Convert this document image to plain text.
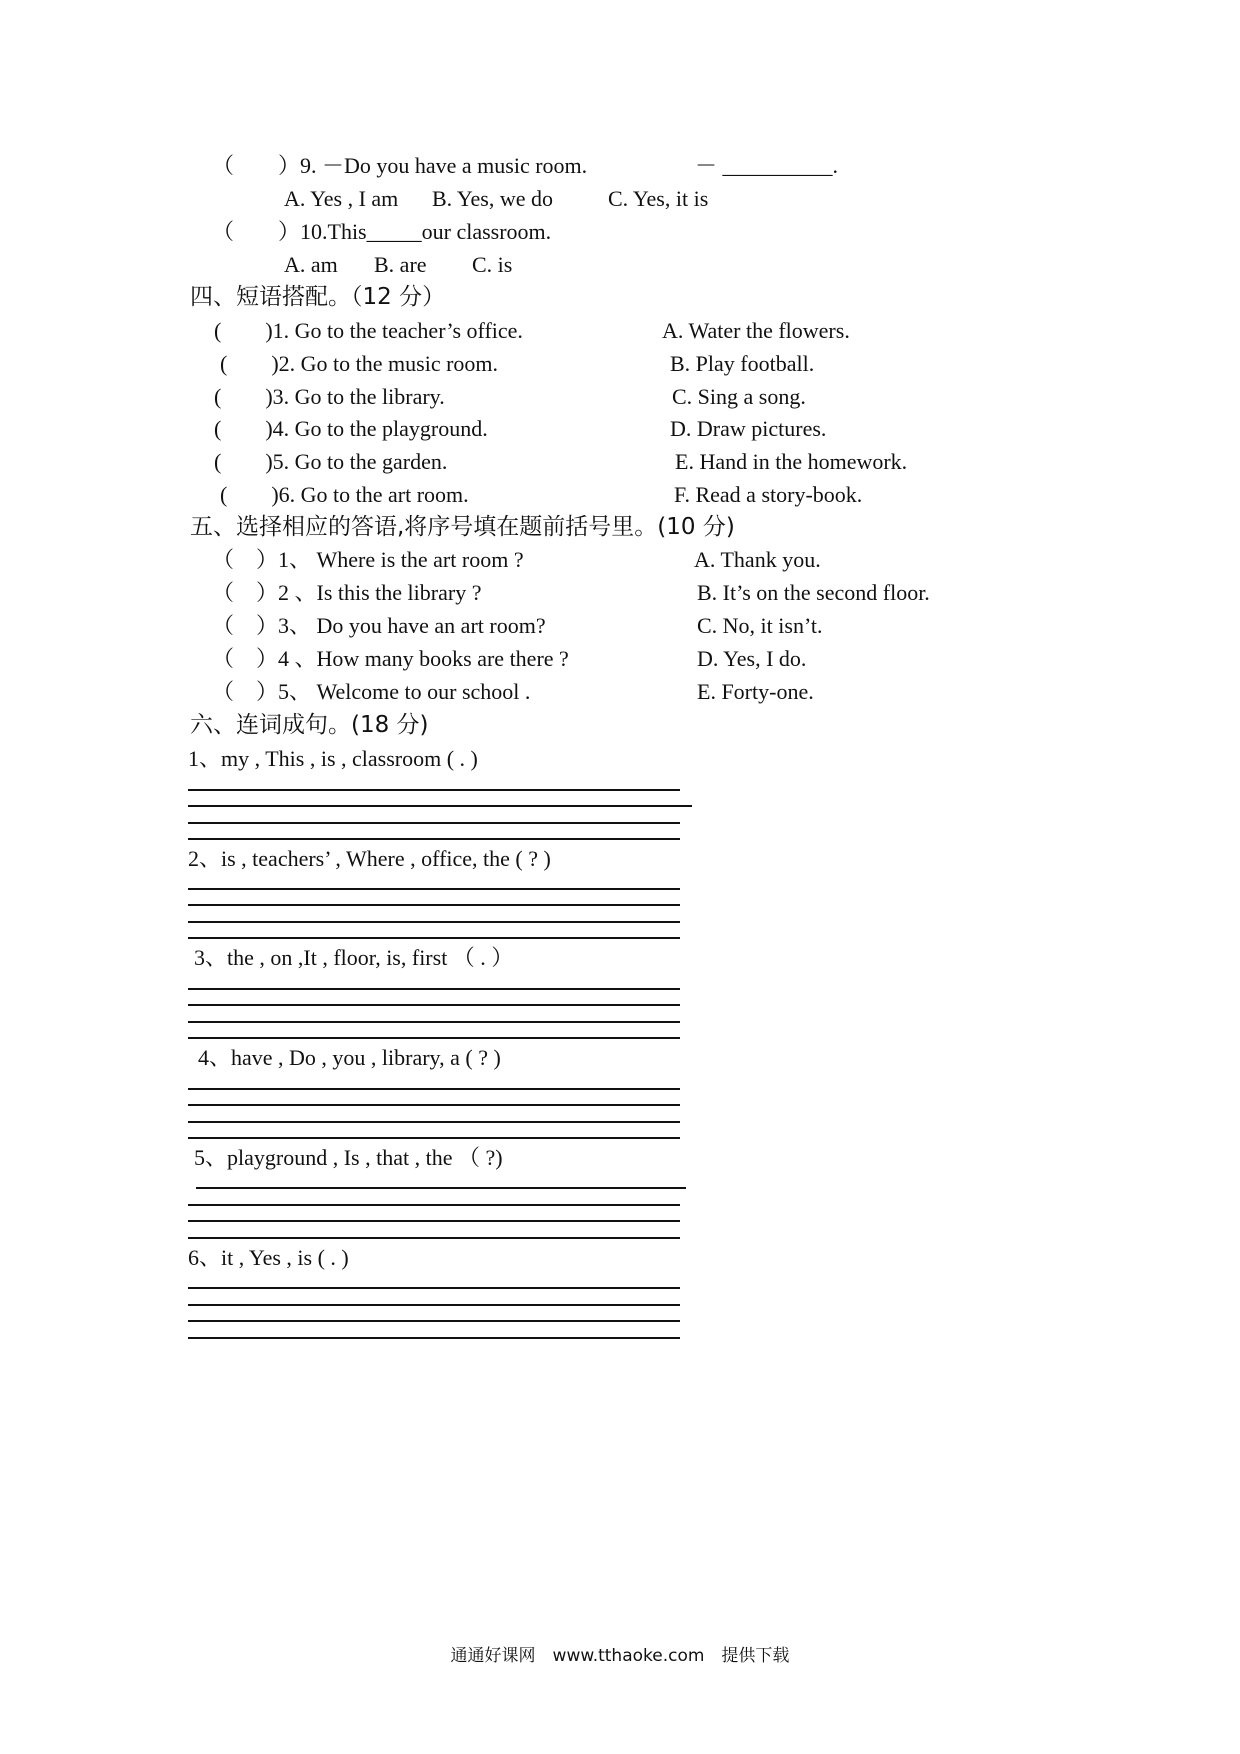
（　　）9. －Do you have a music room.	－ __________.
A. Yes , I am B. Yes, we do C. Yes, it is
（　　）10.This_____our classroom.
A. am B. are C. is
四、短语搭配。（12 分）
(　　)1. Go to the teacher’s office.	A. Water the flowers.
(　　)2. Go to the music room.	B. Play football.
(　　)3. Go to the library.	C. Sing a song.
(　　)4. Go to the playground.	D. Draw pictures.
(　　)5. Go to the garden.	E. Hand in the homework.
(　　)6. Go to the art room.	F. Read a story-book.
五、选择相应的答语,将序号填在题前括号里。(10 分)
（　）1、 Where is the art room ?	A. Thank you.
（　）2 、Is this the library ?	B. It’s on the second floor.
（　）3、 Do you have an art room?	C. No, it isn’t.
（　）4 、How many books are there ?	D. Yes, I do.
（　）5、 Welcome to our school .	E. Forty-one.
六、连词成句。(18 分)
1、my , This , is , classroom ( . )
2、is , teachers’ , Where , office, the ( ? )
3、the , on ,It , floor, is, first （ . ）
4、have , Do , you , library, a ( ? )
5、playground , Is , that , the （ ?)
6、it , Yes , is ( . )
通通好课网　www.tthaoke.com　提供下载
